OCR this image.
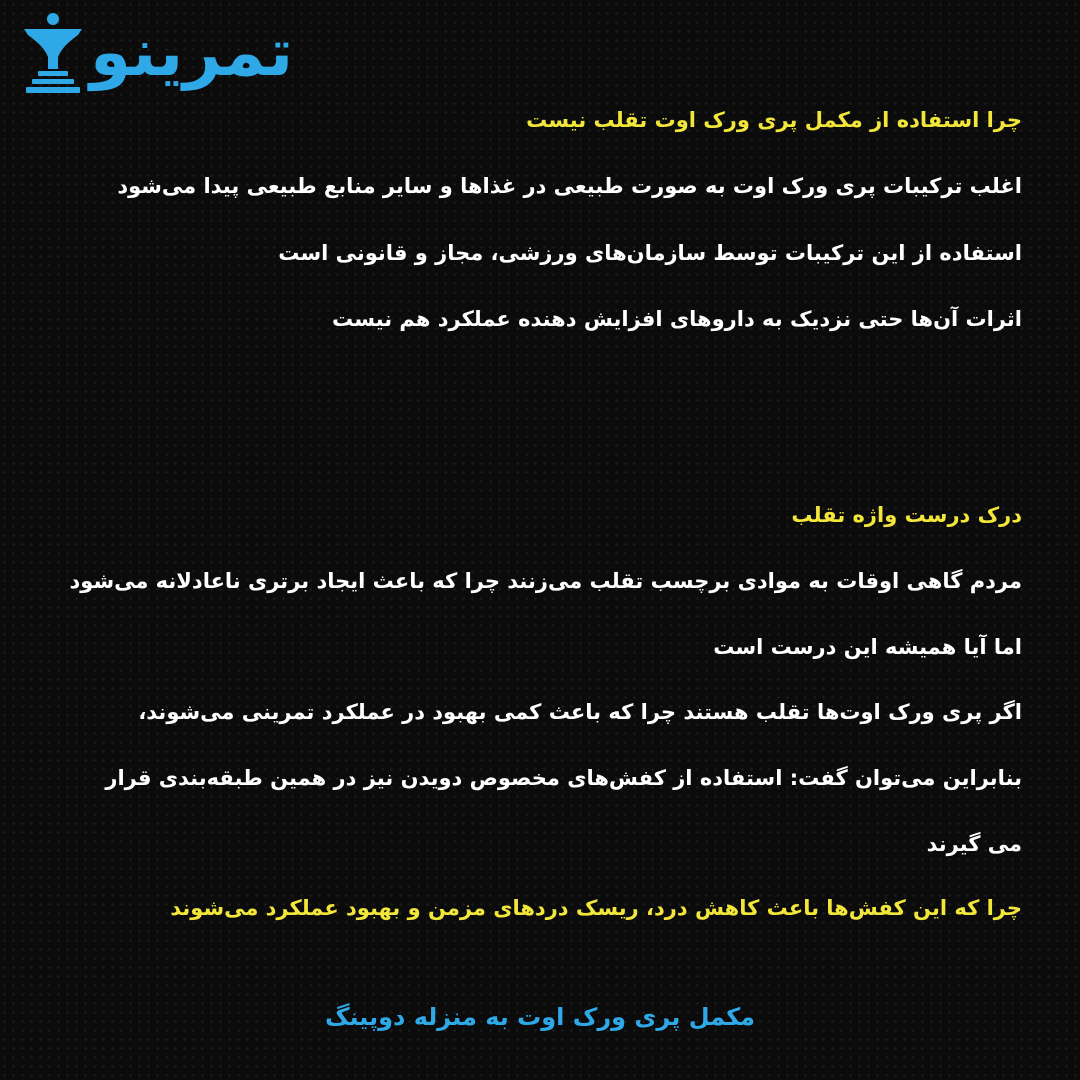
تمرینو
چرا استفاده از مکمل پری ورک اوت تقلب نیست
اغلب ترکیبات پری ورک اوت به صورت طبیعی در غذاها و سایر منابع طبیعی پیدا می‌شود
استفاده از این ترکیبات توسط سازمان‌های ورزشی، مجاز و قانونی است
اثرات آن‌ها حتی نزدیک به داروهای افزایش دهنده عملکرد هم نیست
درک درست واژه تقلب
مردم گاهی اوقات به موادی برچسب تقلب می‌زنند چرا که باعث ایجاد برتری ناعادلانه می‌شود
اما آیا همیشه این درست است
اگر پری ورک اوت‌ها تقلب هستند چرا که باعث کمی بهبود در عملکرد تمرینی می‌شوند،
بنابراین می‌توان گفت: استفاده از کفش‌های مخصوص دویدن نیز در همین طبقه‌بندی قرار
می گیرند
چرا که این کفش‌ها باعث کاهش درد، ریسک دردهای مزمن و بهبود عملکرد می‌شوند
مکمل پری ورک اوت به منزله دوپینگ
